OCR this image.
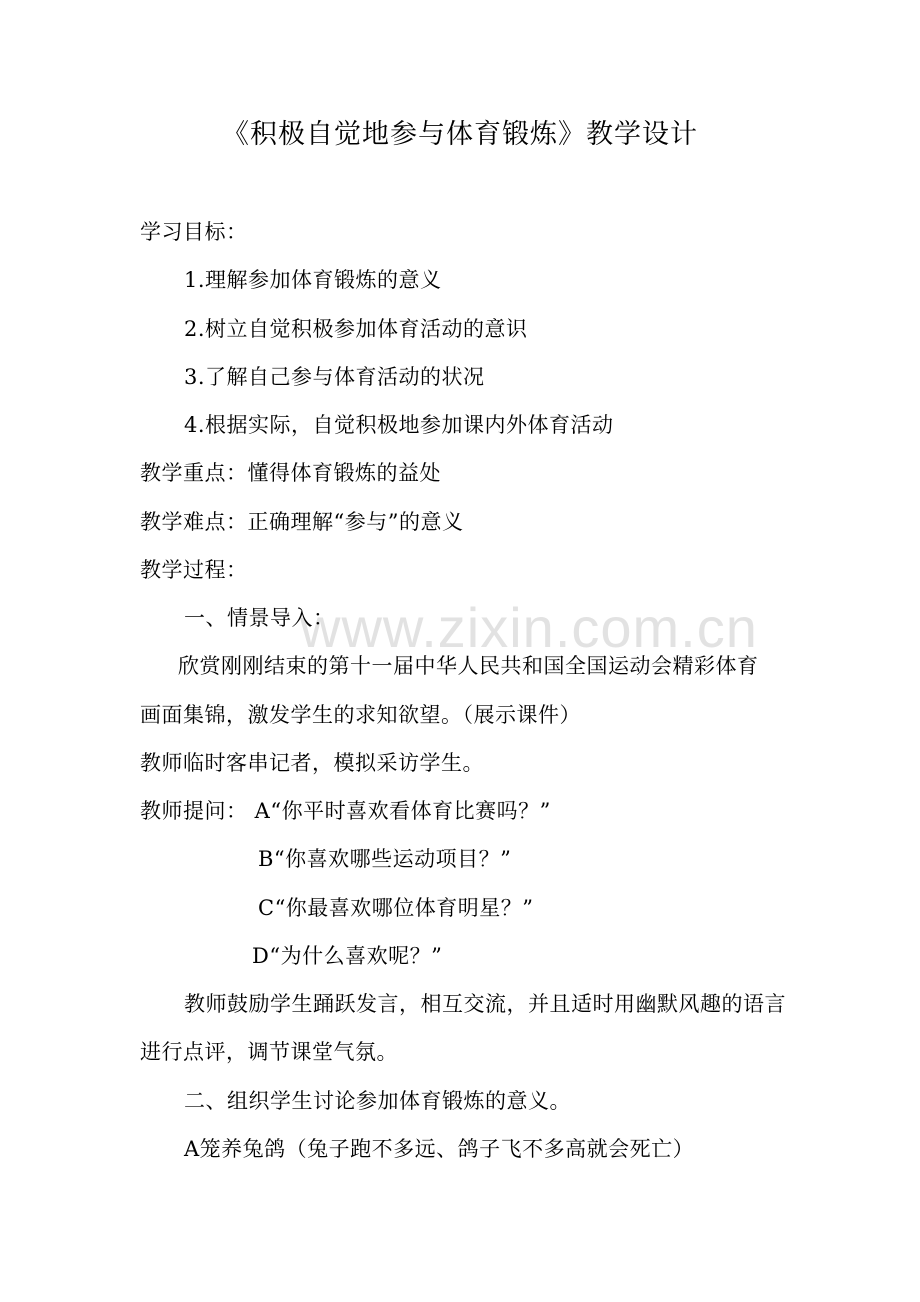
www.zixin.com.cn
《积极自觉地参与体育锻炼》教学设计
学习目标：
1.理解参加体育锻炼的意义
2.树立自觉积极参加体育活动的意识
3.了解自己参与体育活动的状况
4.根据实际，自觉积极地参加课内外体育活动
教学重点：懂得体育锻炼的益处
教学难点：正确理解“参与”的意义
教学过程：
一、情景导入：
欣赏刚刚结束的第十一届中华人民共和国全国运动会精彩体育
画面集锦，激发学生的求知欲望。（展示课件）
教师临时客串记者，模拟采访学生。
教师提问： A“你平时喜欢看体育比赛吗？”
B“你喜欢哪些运动项目？”
C“你最喜欢哪位体育明星？”
D“为什么喜欢呢？”
教师鼓励学生踊跃发言，相互交流，并且适时用幽默风趣的语言
进行点评，调节课堂气氛。
二、组织学生讨论参加体育锻炼的意义。
A笼养兔鸽（兔子跑不多远、鸽子飞不多高就会死亡）
